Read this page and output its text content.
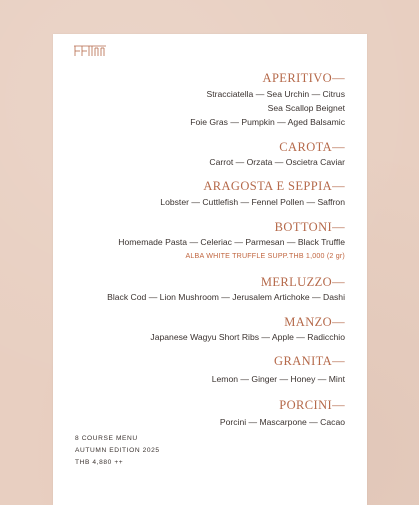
APERITIVO—
Stracciatella — Sea Urchin — Citrus
Sea Scallop Beignet
Foie Gras — Pumpkin — Aged Balsamic
CAROTA—
Carrot — Orzata — Oscietra Caviar
ARAGOSTA E SEPPIA—
Lobster — Cuttlefish — Fennel Pollen — Saffron
BOTTONI—
Homemade Pasta — Celeriac — Parmesan — Black Truffle
ALBA WHITE TRUFFLE SUPP.THB 1,000 (2 gr)
MERLUZZO—
Black Cod — Lion Mushroom — Jerusalem Artichoke — Dashi
MANZO—
Japanese Wagyu Short Ribs — Apple — Radicchio
GRANITA—
Lemon — Ginger — Honey — Mint
PORCINI—
Porcini — Mascarpone — Cacao
8 COURSE MENU
AUTUMN EDITION 2025
THB 4,880 ++
